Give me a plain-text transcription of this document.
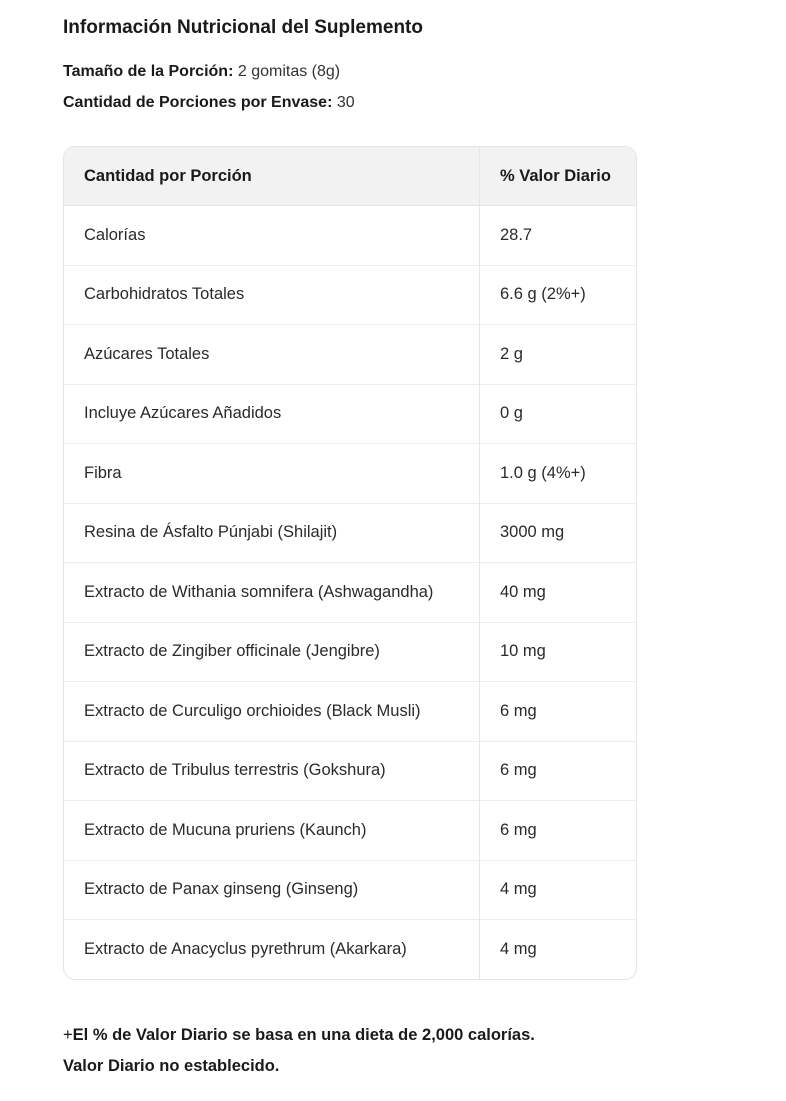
Información Nutricional del Suplemento
Tamaño de la Porción: 2 gomitas (8g)
Cantidad de Porciones por Envase: 30
Cantidad por Porción	% Valor Diario
Calorías	28.7
Carbohidratos Totales	6.6 g (2%+)
Azúcares Totales	2 g
Incluye Azúcares Añadidos	0 g
Fibra	1.0 g (4%+)
Resina de Ásfalto Púnjabi (Shilajit)	3000 mg
Extracto de Withania somnifera (Ashwagandha)	40 mg
Extracto de Zingiber officinale (Jengibre)	10 mg
Extracto de Curculigo orchioides (Black Musli)	6 mg
Extracto de Tribulus terrestris (Gokshura)	6 mg
Extracto de Mucuna pruriens (Kaunch)	6 mg
Extracto de Panax ginseng (Ginseng)	4 mg
Extracto de Anacyclus pyrethrum (Akarkara)	4 mg
+El % de Valor Diario se basa en una dieta de 2,000 calorías.
Valor Diario no establecido.
